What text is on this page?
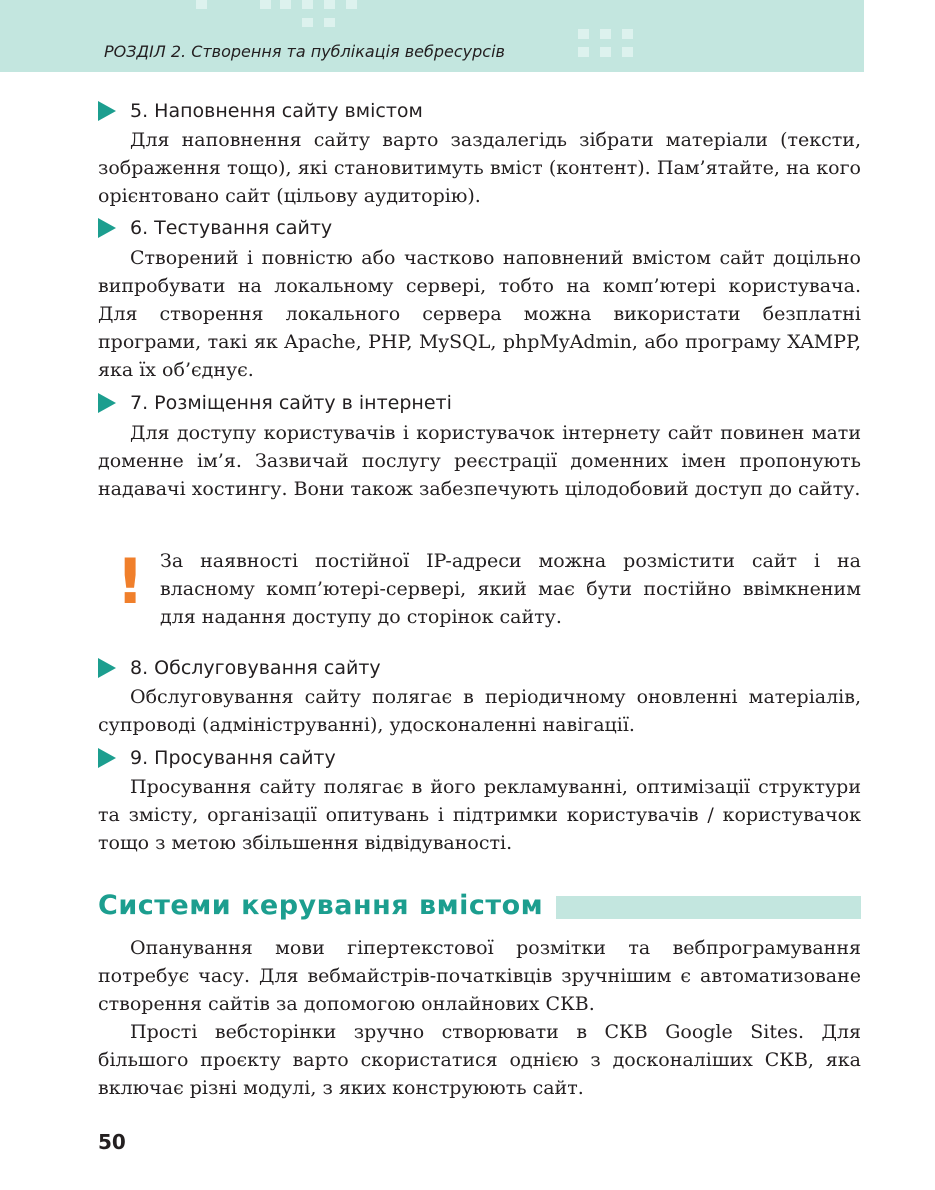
РОЗДІЛ 2. Створення та публікація вебресурсів
5. Наповнення сайту вмістом

Для наповнення сайту варто заздалегідь зібрати матеріали (тексти, зображення тощо), які становитимуть вміст (контент). Пам’ятайте, на кого орієнтовано сайт (цільову аудиторію).

6. Тестування сайту

Створений і повністю або частково наповнений вмістом сайт доцільно випробувати на локальному сервері, тобто на комп’ютері користувача. Для створення локального сервера можна використати безплатні програми, такі як Apache, PHP, MySQL, phpMyAdmin, або програму XAMPP, яка їх об’єднує.

7. Розміщення сайту в інтернеті

Для доступу користувачів і користувачок інтернету сайт повинен мати доменне ім’я. Зазвичай послугу реєстрації доменних імен пропонують надавачі хостингу. Вони також забезпечують цілодобовий доступ до сайту.

! За наявності постійної IP-адреси можна розмістити сайт і на власному комп’ютері-сервері, який має бути постійно ввімкненим для надання доступу до сторінок сайту.

8. Обслуговування сайту

Обслуговування сайту полягає в періодичному оновленні матеріалів, супроводі (адмініструванні), удосконаленні навігації.

9. Просування сайту

Просування сайту полягає в його рекламуванні, оптимізації структури та змісту, організації опитувань і підтримки користувачів / користувачок тощо з метою збільшення відвідуваності.

Системи керування вмістом

Опанування мови гіпертекстової розмітки та вебпрограмування потребує часу. Для вебмайстрів-початківців зручнішим є автоматизоване створення сайтів за допомогою онлайнових СКВ.

Прості вебсторінки зручно створювати в СКВ Google Sites. Для більшого проєкту варто скористатися однією з досконаліших СКВ, яка включає різні модулі, з яких конструюють сайт.

50
